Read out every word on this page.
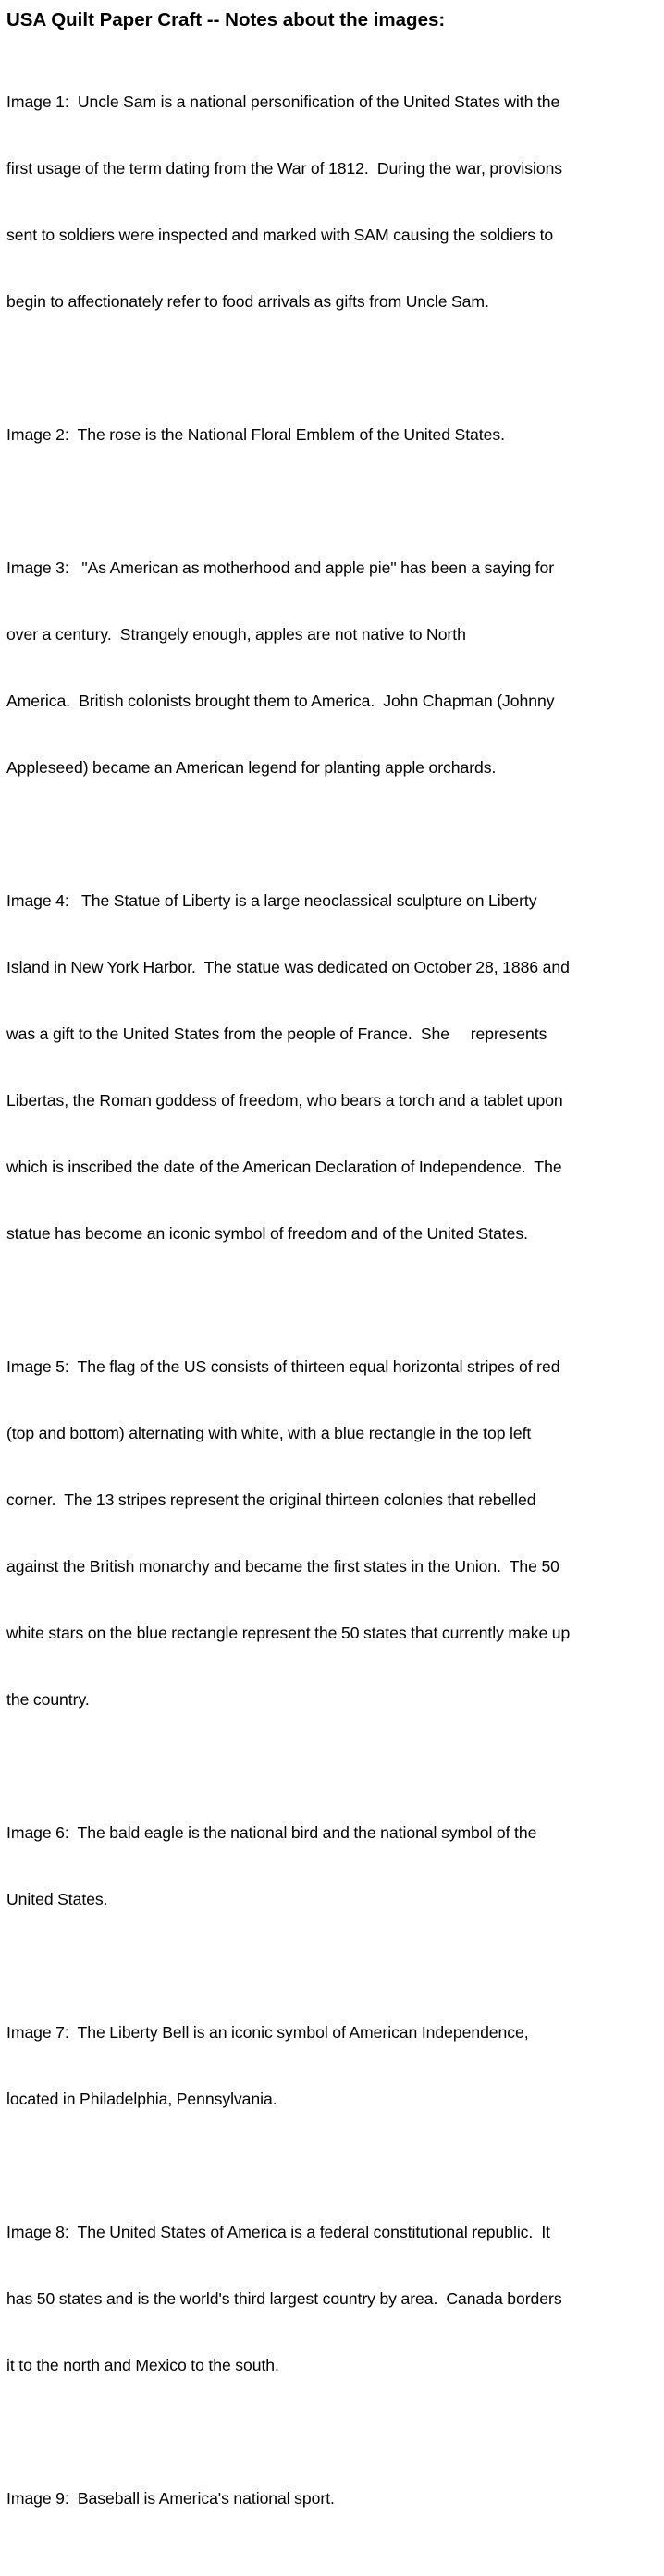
USA Quilt Paper Craft -- Notes about the images:

Image 1:  Uncle Sam is a national personification of the United States with the

first usage of the term dating from the War of 1812.  During the war, provisions

sent to soldiers were inspected and marked with SAM causing the soldiers to

begin to affectionately refer to food arrivals as gifts from Uncle Sam.

Image 2:  The rose is the National Floral Emblem of the United States.

Image 3:   "As American as motherhood and apple pie" has been a saying for

over a century.  Strangely enough, apples are not native to North

America.  British colonists brought them to America.  John Chapman (Johnny

Appleseed) became an American legend for planting apple orchards.

Image 4:   The Statue of Liberty is a large neoclassical sculpture on Liberty

Island in New York Harbor.  The statue was dedicated on October 28, 1886 and

was a gift to the United States from the people of France.  She     represents

Libertas, the Roman goddess of freedom, who bears a torch and a tablet upon

which is inscribed the date of the American Declaration of Independence.  The

statue has become an iconic symbol of freedom and of the United States.

Image 5:  The flag of the US consists of thirteen equal horizontal stripes of red

(top and bottom) alternating with white, with a blue rectangle in the top left

corner.  The 13 stripes represent the original thirteen colonies that rebelled

against the British monarchy and became the first states in the Union.  The 50

white stars on the blue rectangle represent the 50 states that currently make up

the country.

Image 6:  The bald eagle is the national bird and the national symbol of the

United States.

Image 7:  The Liberty Bell is an iconic symbol of American Independence,

located in Philadelphia, Pennsylvania.

Image 8:  The United States of America is a federal constitutional republic.  It

has 50 states and is the world's third largest country by area.  Canada borders

it to the north and Mexico to the south.

Image 9:  Baseball is America's national sport.
